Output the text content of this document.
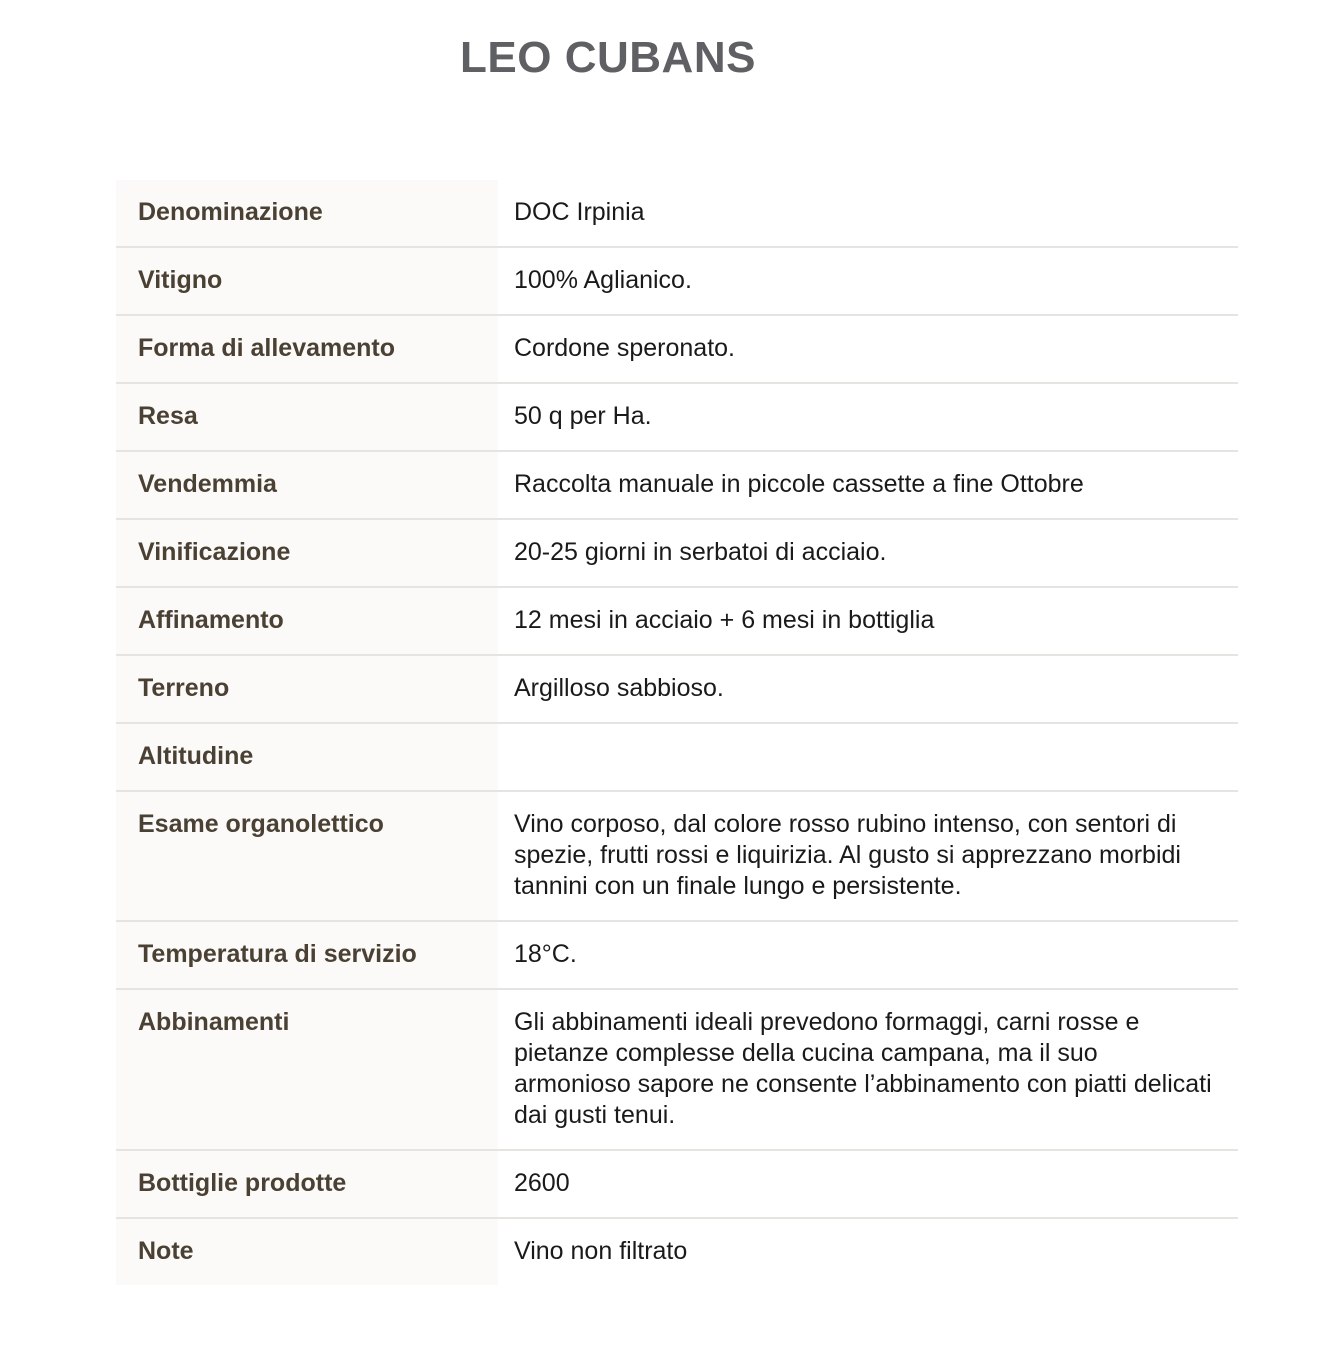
LEO CUBANS
Denominazione	DOC Irpinia
Vitigno	100% Aglianico.
Forma di allevamento	Cordone speronato.
Resa	50 q per Ha.
Vendemmia	Raccolta manuale in piccole cassette a fine Ottobre
Vinificazione	20-25 giorni in serbatoi di acciaio.
Affinamento	12 mesi in acciaio + 6 mesi in bottiglia
Terreno	Argilloso sabbioso.
Altitudine	
Esame organolettico	Vino corposo, dal colore rosso rubino intenso, con sentori di spezie, frutti rossi e liquirizia. Al gusto si apprezzano morbidi tannini con un finale lungo e persistente.
Temperatura di servizio	18°C.
Abbinamenti	Gli abbinamenti ideali prevedono formaggi, carni rosse e pietanze complesse della cucina campana, ma il suo armonioso sapore ne consente l’abbinamento con piatti delicati dai gusti tenui.
Bottiglie prodotte	2600
Note	Vino non filtrato
